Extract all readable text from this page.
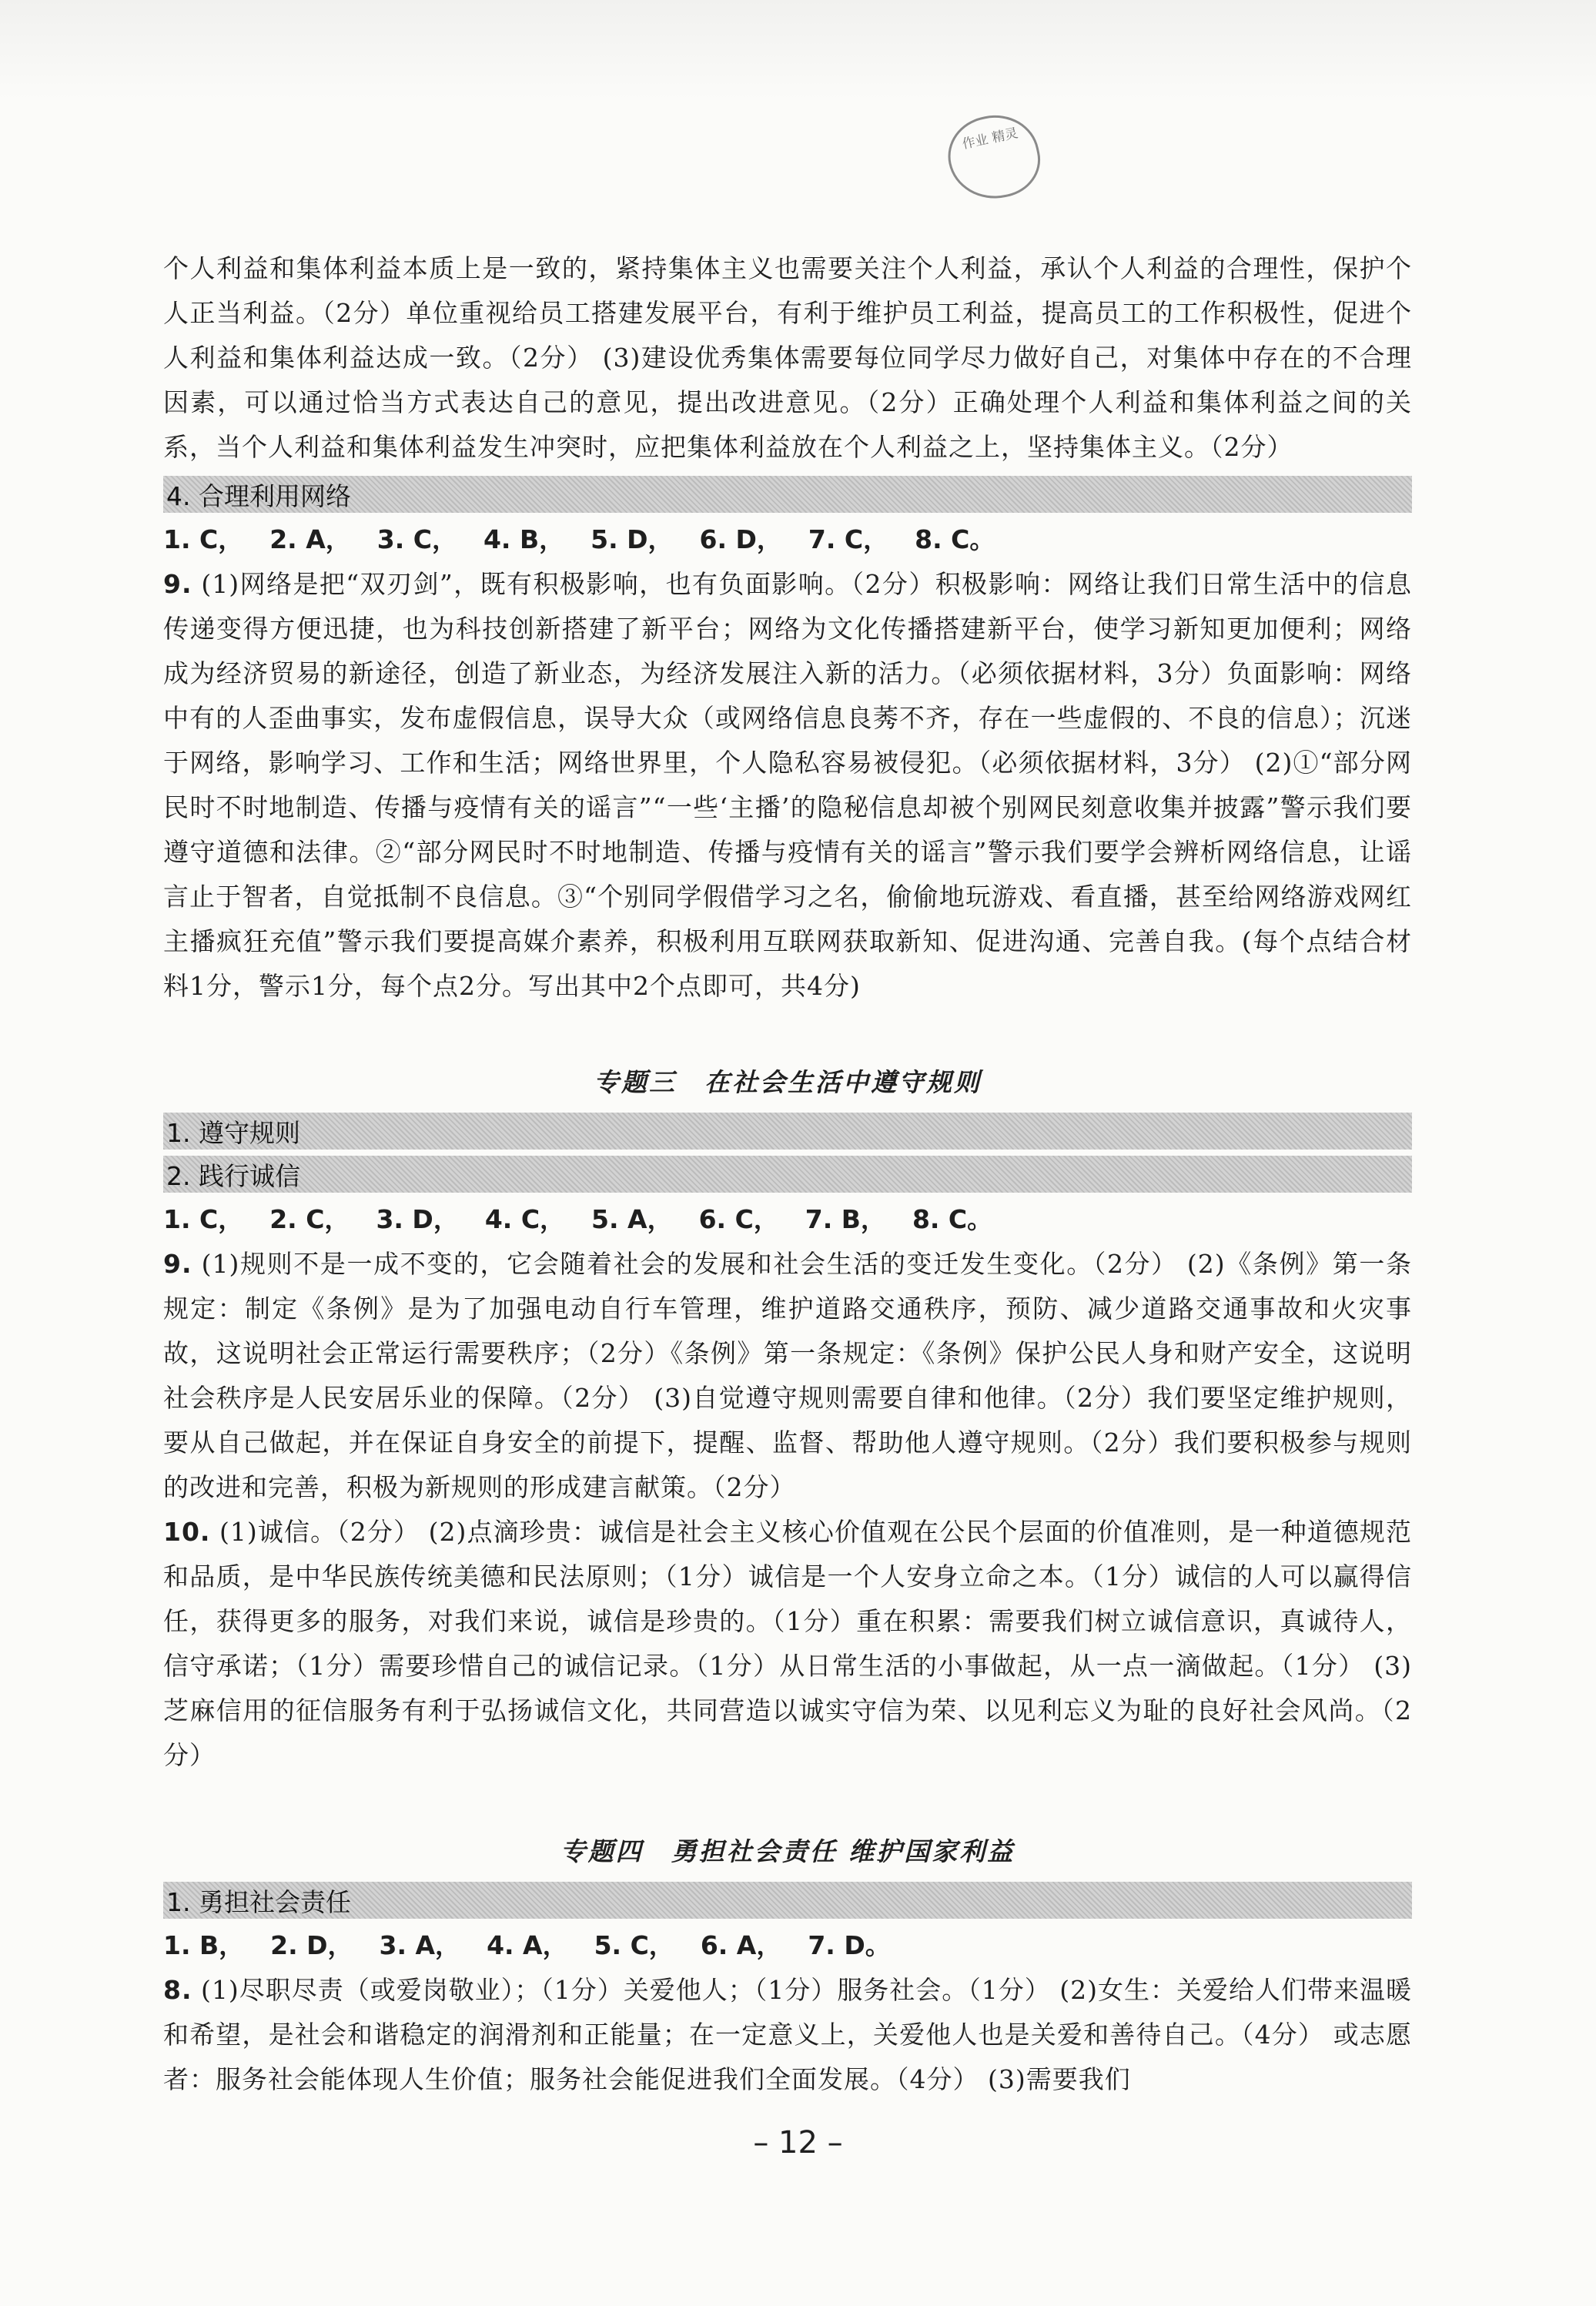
作业 精灵

个人利益和集体利益本质上是一致的，紧持集体主义也需要关注个人利益，承认个人利益的合理性，保护个人正当利益。（2分）单位重视给员工搭建发展平台，有利于维护员工利益，提高员工的工作积极性，促进个人利益和集体利益达成一致。（2分） (3)建设优秀集体需要每位同学尽力做好自己，对集体中存在的不合理因素，可以通过恰当方式表达自己的意见，提出改进意见。（2分）正确处理个人利益和集体利益之间的关系，当个人利益和集体利益发生冲突时，应把集体利益放在个人利益之上，坚持集体主义。（2分）

4. 合理利用网络
1. C， 2. A， 3. C， 4. B， 5. D， 6. D， 7. C， 8. C。

9. (1)网络是把“双刃剑”，既有积极影响，也有负面影响。（2分）积极影响：网络让我们日常生活中的信息传递变得方便迅捷，也为科技创新搭建了新平台；网络为文化传播搭建新平台，使学习新知更加便利；网络成为经济贸易的新途径，创造了新业态，为经济发展注入新的活力。（必须依据材料，3分）负面影响：网络中有的人歪曲事实，发布虚假信息，误导大众（或网络信息良莠不齐，存在一些虚假的、不良的信息）；沉迷于网络，影响学习、工作和生活；网络世界里，个人隐私容易被侵犯。（必须依据材料，3分） (2)①“部分网民时不时地制造、传播与疫情有关的谣言”“一些‘主播’的隐秘信息却被个别网民刻意收集并披露”警示我们要遵守道德和法律。②“部分网民时不时地制造、传播与疫情有关的谣言”警示我们要学会辨析网络信息，让谣言止于智者，自觉抵制不良信息。③“个别同学假借学习之名，偷偷地玩游戏、看直播，甚至给网络游戏网红主播疯狂充值”警示我们要提高媒介素养，积极利用互联网获取新知、促进沟通、完善自我。(每个点结合材料1分，警示1分，每个点2分。写出其中2个点即可，共4分)

专题三　在社会生活中遵守规则
1. 遵守规则
2. 践行诚信
1. C， 2. C， 3. D， 4. C， 5. A， 6. C， 7. B， 8. C。

9. (1)规则不是一成不变的，它会随着社会的发展和社会生活的变迁发生变化。（2分） (2)《条例》第一条规定：制定《条例》是为了加强电动自行车管理，维护道路交通秩序，预防、减少道路交通事故和火灾事故，这说明社会正常运行需要秩序；（2分）《条例》第一条规定：《条例》保护公民人身和财产安全，这说明社会秩序是人民安居乐业的保障。（2分） (3)自觉遵守规则需要自律和他律。（2分）我们要坚定维护规则，要从自己做起，并在保证自身安全的前提下，提醒、监督、帮助他人遵守规则。（2分）我们要积极参与规则的改进和完善，积极为新规则的形成建言献策。（2分）

10. (1)诚信。（2分） (2)点滴珍贵：诚信是社会主义核心价值观在公民个层面的价值准则，是一种道德规范和品质，是中华民族传统美德和民法原则；（1分）诚信是一个人安身立命之本。（1分）诚信的人可以赢得信任，获得更多的服务，对我们来说，诚信是珍贵的。（1分）重在积累：需要我们树立诚信意识，真诚待人，信守承诺；（1分）需要珍惜自己的诚信记录。（1分）从日常生活的小事做起，从一点一滴做起。（1分） (3)芝麻信用的征信服务有利于弘扬诚信文化，共同营造以诚实守信为荣、以见利忘义为耻的良好社会风尚。（2分）

专题四　勇担社会责任 维护国家利益
1. 勇担社会责任
1. B， 2. D， 3. A， 4. A， 5. C， 6. A， 7. D。

8. (1)尽职尽责（或爱岗敬业）；（1分）关爱他人；（1分）服务社会。（1分） (2)女生：关爱给人们带来温暖和希望，是社会和谐稳定的润滑剂和正能量；在一定意义上，关爱他人也是关爱和善待自己。（4分） 或志愿者：服务社会能体现人生价值；服务社会能促进我们全面发展。（4分） (3)需要我们

– 12 –
